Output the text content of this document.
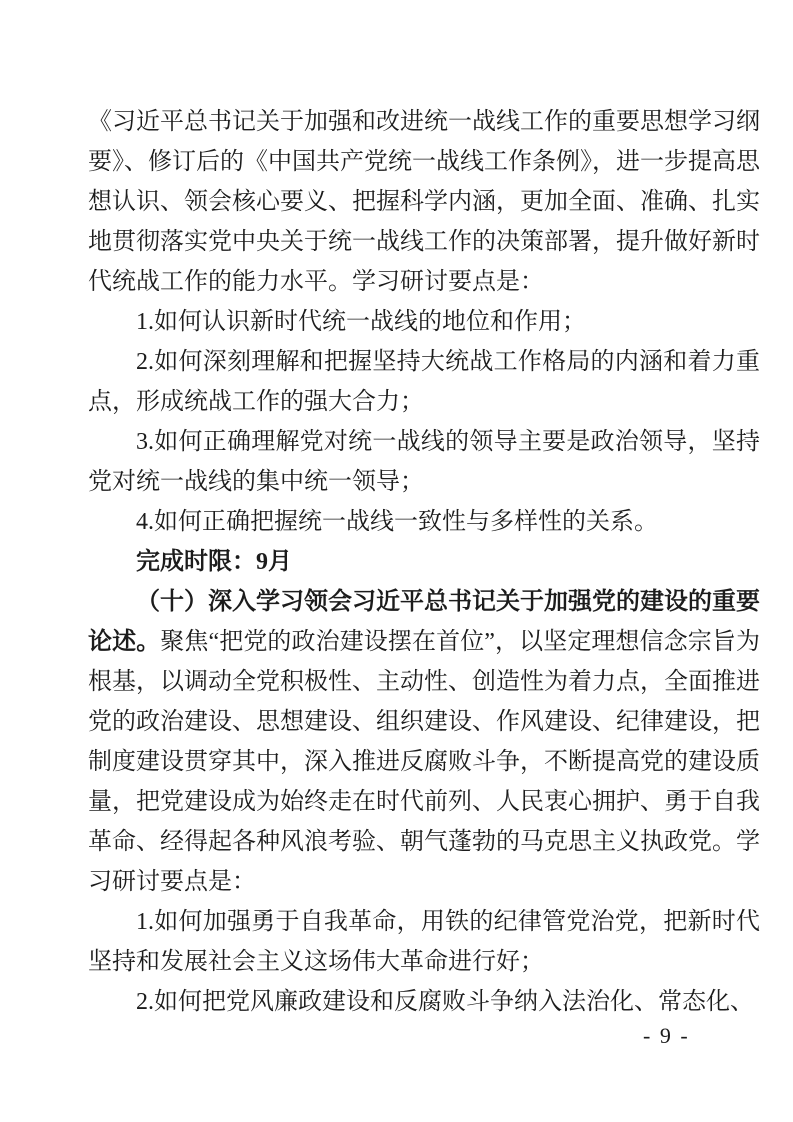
《习近平总书记关于加强和改进统一战线工作的重要思想学习纲要》、修订后的《中国共产党统一战线工作条例》，进一步提高思想认识、领会核心要义、把握科学内涵，更加全面、准确、扎实地贯彻落实党中央关于统一战线工作的决策部署，提升做好新时代统战工作的能力水平。学习研讨要点是：

1.如何认识新时代统一战线的地位和作用；

2.如何深刻理解和把握坚持大统战工作格局的内涵和着力重点，形成统战工作的强大合力；

3.如何正确理解党对统一战线的领导主要是政治领导，坚持党对统一战线的集中统一领导；

4.如何正确把握统一战线一致性与多样性的关系。

完成时限：9月

（十）深入学习领会习近平总书记关于加强党的建设的重要论述。聚焦“把党的政治建设摆在首位”，以坚定理想信念宗旨为根基，以调动全党积极性、主动性、创造性为着力点，全面推进党的政治建设、思想建设、组织建设、作风建设、纪律建设，把制度建设贯穿其中，深入推进反腐败斗争，不断提高党的建设质量，把党建设成为始终走在时代前列、人民衷心拥护、勇于自我革命、经得起各种风浪考验、朝气蓬勃的马克思主义执政党。学习研讨要点是：

1.如何加强勇于自我革命，用铁的纪律管党治党，把新时代坚持和发展社会主义这场伟大革命进行好；

2.如何把党风廉政建设和反腐败斗争纳入法治化、常态化、

- 9 -
